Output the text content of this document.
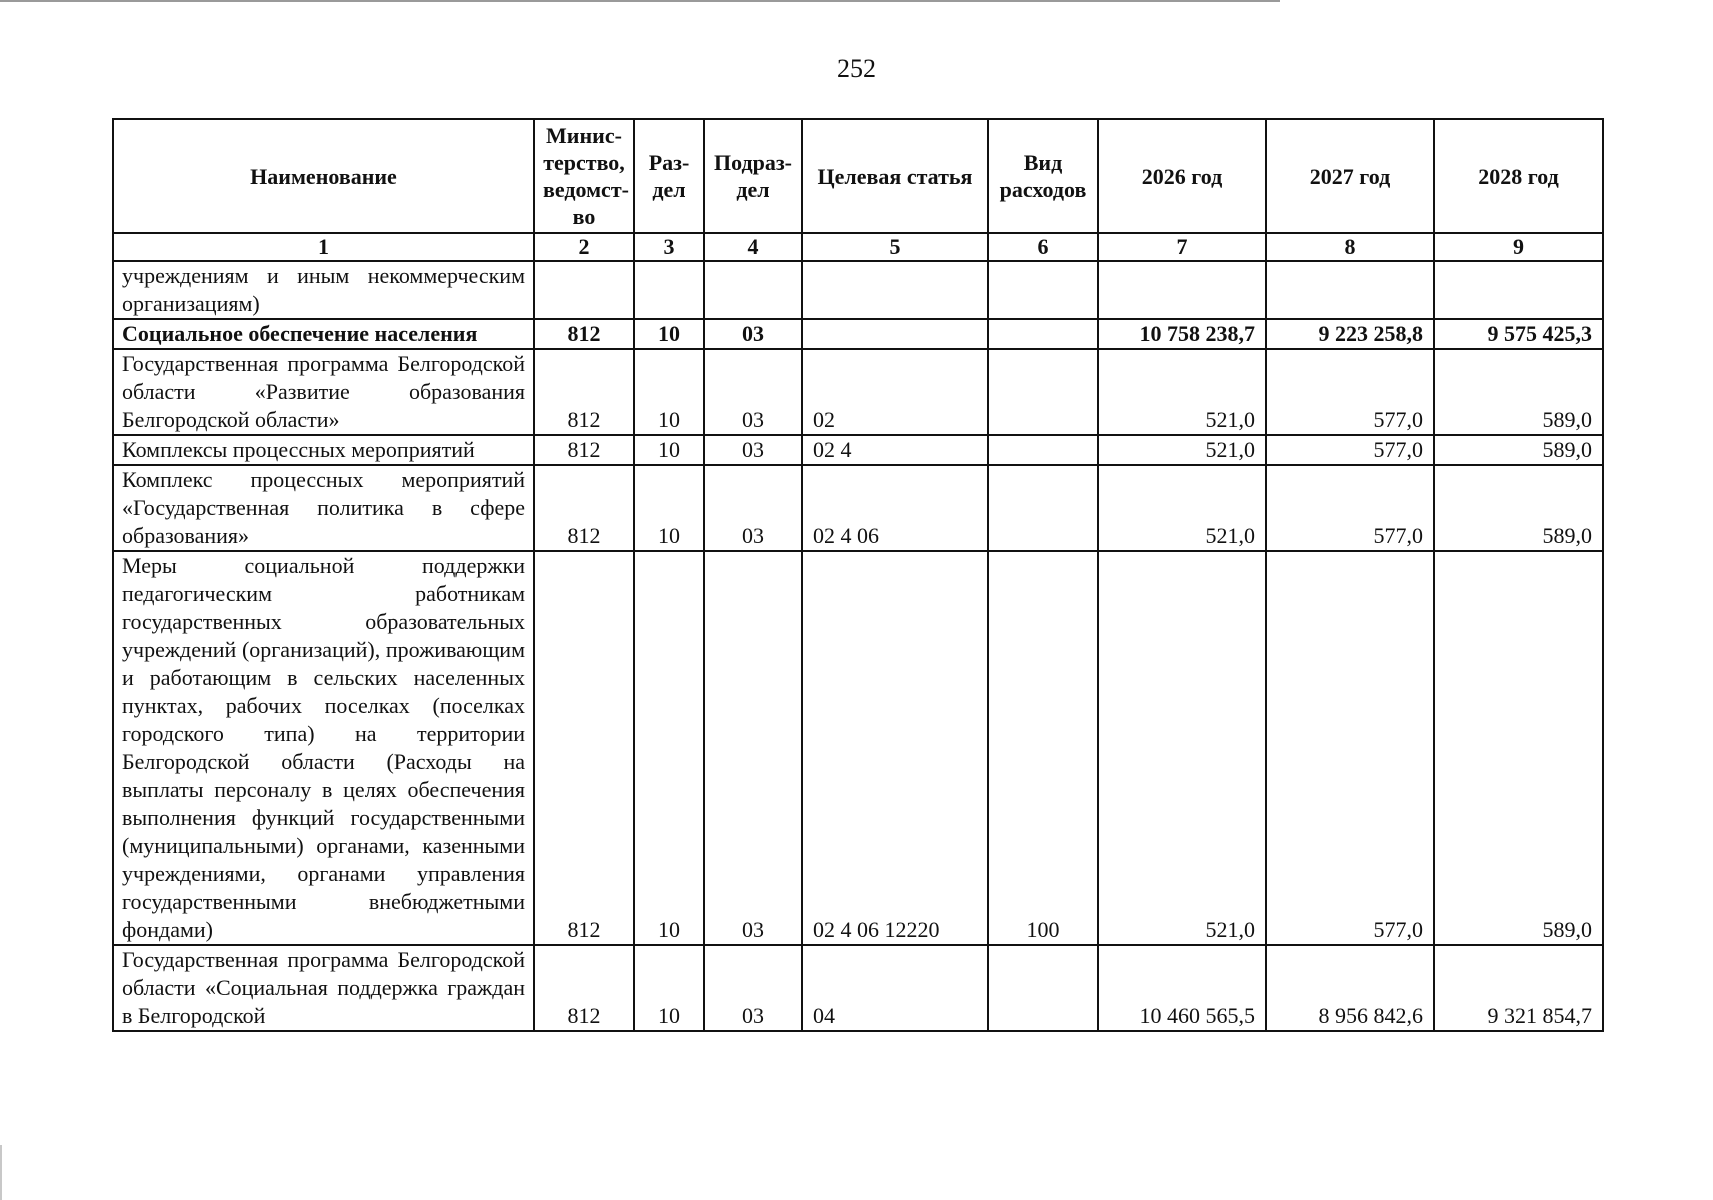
252
Наименование	Минис-терство, ведомст-во	Раз-дел	Подраз-дел	Целевая статья	Вид расходов	2026 год	2027 год	2028 год
1	2	3	4	5	6	7	8	9
учреждениям и иным некоммерческим организациям)								
Социальное обеспечение населения	812	10	03			10 758 238,7	9 223 258,8	9 575 425,3
Государственная программа Белгородской области «Развитие образования Белгородской области»	812	10	03	02		521,0	577,0	589,0
Комплексы процессных мероприятий	812	10	03	02 4		521,0	577,0	589,0
Комплекс процессных мероприятий «Государственная политика в сфере образования»	812	10	03	02 4 06		521,0	577,0	589,0
Меры социальной поддержки педагогическим работникам государственных образовательных учреждений (организаций), проживающим и работающим в сельских населенных пунктах, рабочих поселках (поселках городского типа) на территории Белгородской области (Расходы на выплаты персоналу в целях обеспечения выполнения функций государственными (муниципальными) органами, казенными учреждениями, органами управления государственными внебюджетными фондами)	812	10	03	02 4 06 12220	100	521,0	577,0	589,0
Государственная программа Белгородской области «Социальная поддержка граждан в Белгородской	812	10	03	04		10 460 565,5	8 956 842,6	9 321 854,7
